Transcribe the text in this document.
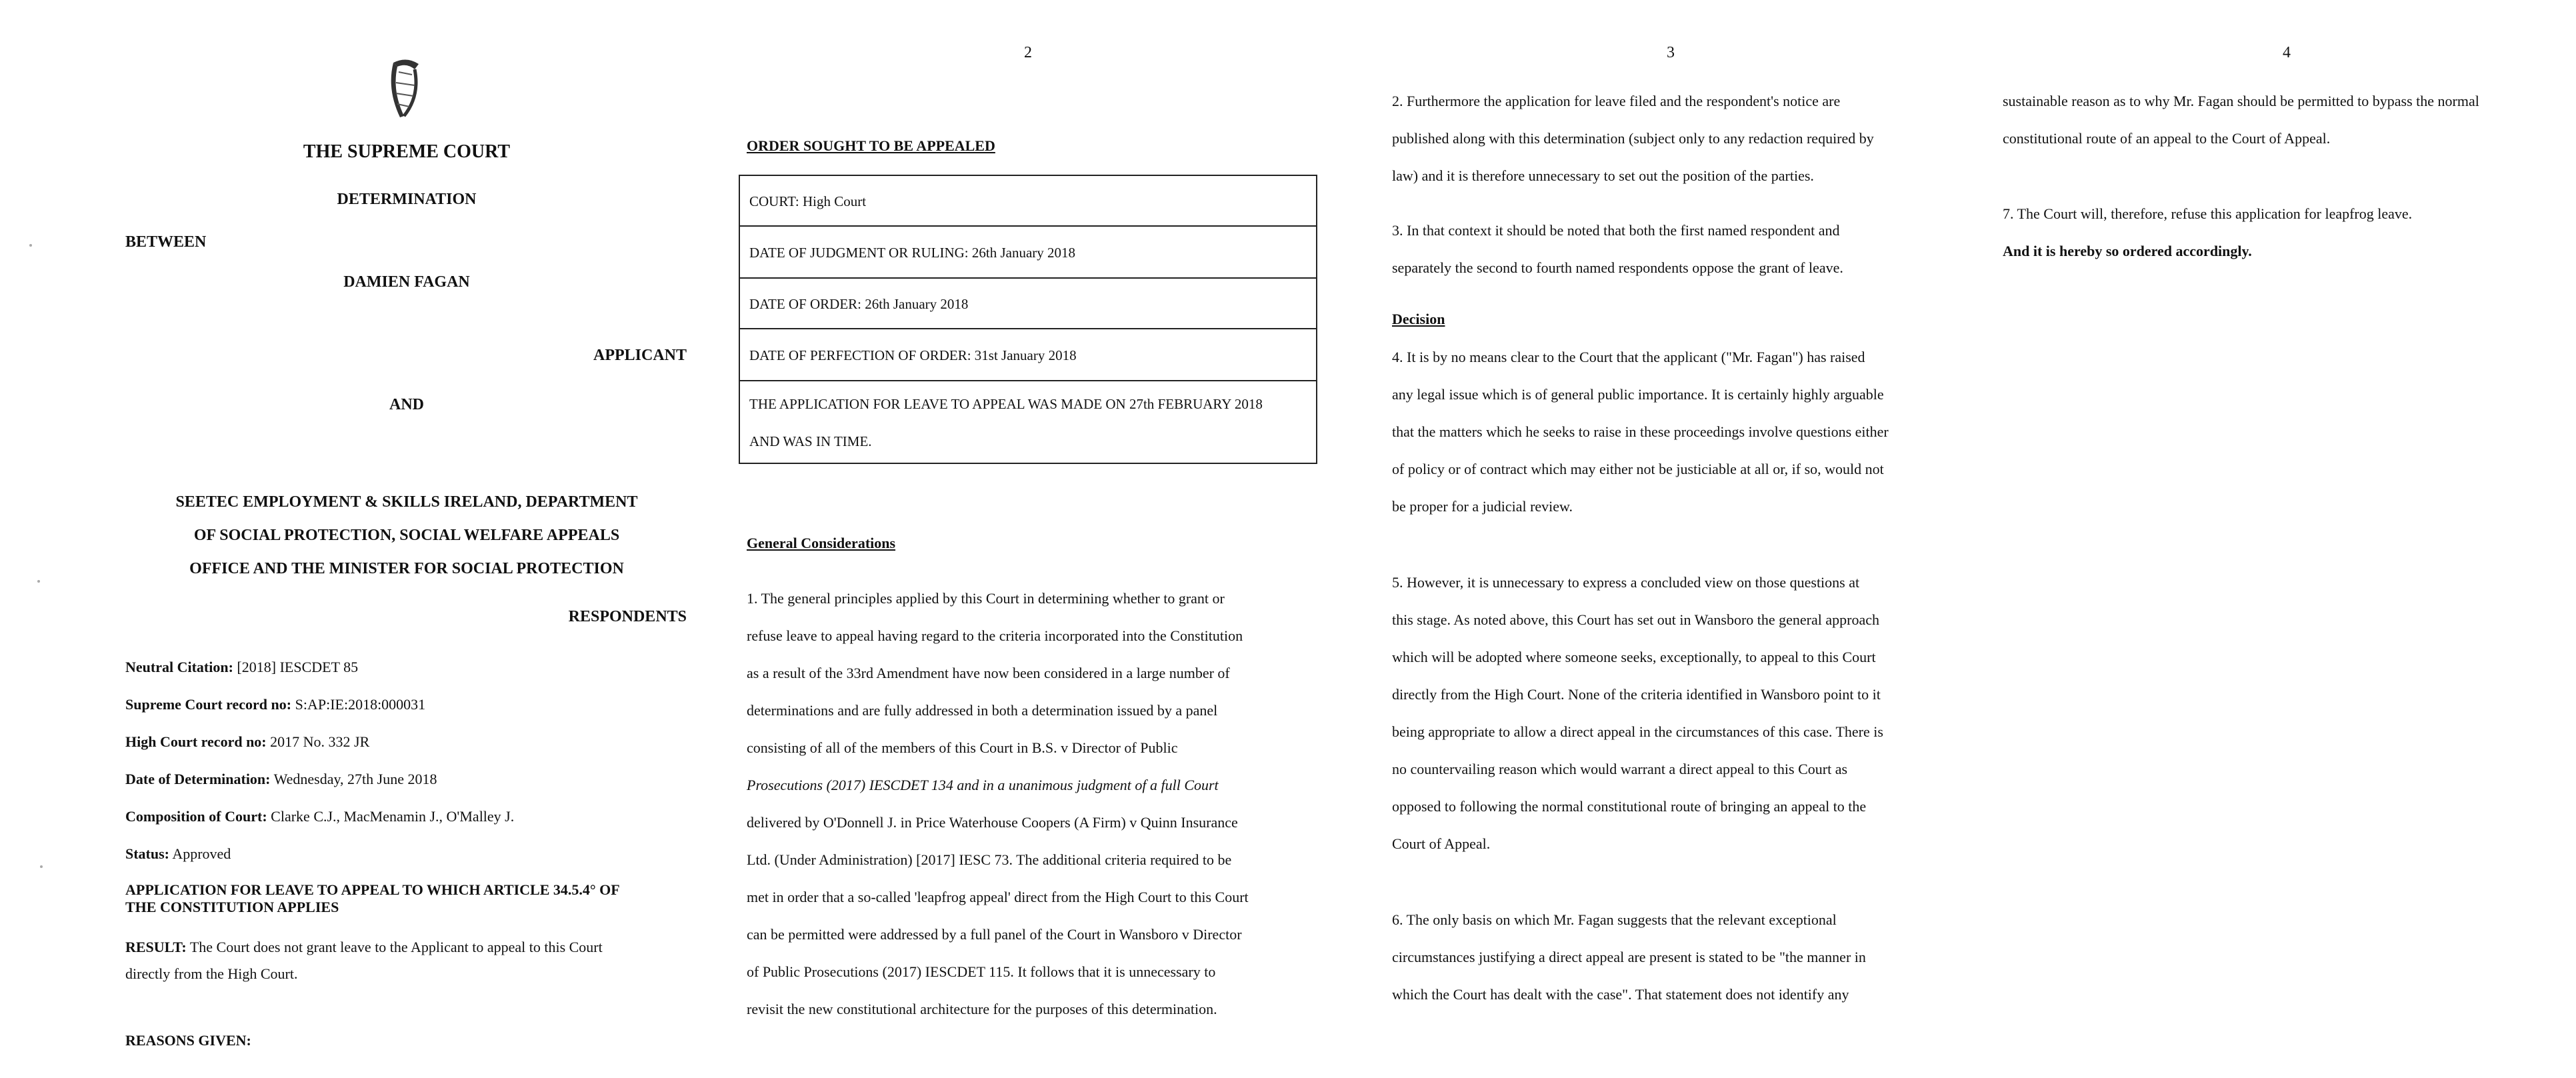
THE SUPREME COURT
DETERMINATION
BETWEEN
DAMIEN FAGAN
APPLICANT
AND
SEETEC EMPLOYMENT & SKILLS IRELAND, DEPARTMENT
OF SOCIAL PROTECTION, SOCIAL WELFARE APPEALS
OFFICE AND THE MINISTER FOR SOCIAL PROTECTION
RESPONDENTS
Neutral Citation: [2018] IESCDET 85
Supreme Court record no: S:AP:IE:2018:000031
High Court record no: 2017 No. 332 JR
Date of Determination: Wednesday, 27th June 2018
Composition of Court: Clarke C.J., MacMenamin J., O'Malley J.
Status: Approved
APPLICATION FOR LEAVE TO APPEAL TO WHICH ARTICLE 34.5.4° OF
THE CONSTITUTION APPLIES
RESULT: The Court does not grant leave to the Applicant to appeal to this Court
directly from the High Court.
REASONS GIVEN:
2
ORDER SOUGHT TO BE APPEALED
COURT: High Court
DATE OF JUDGMENT OR RULING: 26th January 2018
DATE OF ORDER: 26th January 2018
DATE OF PERFECTION OF ORDER: 31st January 2018
THE APPLICATION FOR LEAVE TO APPEAL WAS MADE ON 27th FEBRUARY 2018
AND WAS IN TIME.
General Considerations
1. The general principles applied by this Court in determining whether to grant or
refuse leave to appeal having regard to the criteria incorporated into the Constitution
as a result of the 33rd Amendment have now been considered in a large number of
determinations and are fully addressed in both a determination issued by a panel
consisting of all of the members of this Court in B.S. v Director of Public
Prosecutions (2017) IESCDET 134 and in a unanimous judgment of a full Court
delivered by O'Donnell J. in Price Waterhouse Coopers (A Firm) v Quinn Insurance
Ltd. (Under Administration) [2017] IESC 73. The additional criteria required to be
met in order that a so-called 'leapfrog appeal' direct from the High Court to this Court
can be permitted were addressed by a full panel of the Court in Wansboro v Director
of Public Prosecutions (2017) IESCDET 115. It follows that it is unnecessary to
revisit the new constitutional architecture for the purposes of this determination.
3
2. Furthermore the application for leave filed and the respondent's notice are
published along with this determination (subject only to any redaction required by
law) and it is therefore unnecessary to set out the position of the parties.
3. In that context it should be noted that both the first named respondent and
separately the second to fourth named respondents oppose the grant of leave.
Decision
4. It is by no means clear to the Court that the applicant ("Mr. Fagan") has raised
any legal issue which is of general public importance. It is certainly highly arguable
that the matters which he seeks to raise in these proceedings involve questions either
of policy or of contract which may either not be justiciable at all or, if so, would not
be proper for a judicial review.
5. However, it is unnecessary to express a concluded view on those questions at
this stage. As noted above, this Court has set out in Wansboro the general approach
which will be adopted where someone seeks, exceptionally, to appeal to this Court
directly from the High Court. None of the criteria identified in Wansboro point to it
being appropriate to allow a direct appeal in the circumstances of this case. There is
no countervailing reason which would warrant a direct appeal to this Court as
opposed to following the normal constitutional route of bringing an appeal to the
Court of Appeal.
6. The only basis on which Mr. Fagan suggests that the relevant exceptional
circumstances justifying a direct appeal are present is stated to be "the manner in
which the Court has dealt with the case". That statement does not identify any
4
sustainable reason as to why Mr. Fagan should be permitted to bypass the normal
constitutional route of an appeal to the Court of Appeal.
7. The Court will, therefore, refuse this application for leapfrog leave.
And it is hereby so ordered accordingly.
